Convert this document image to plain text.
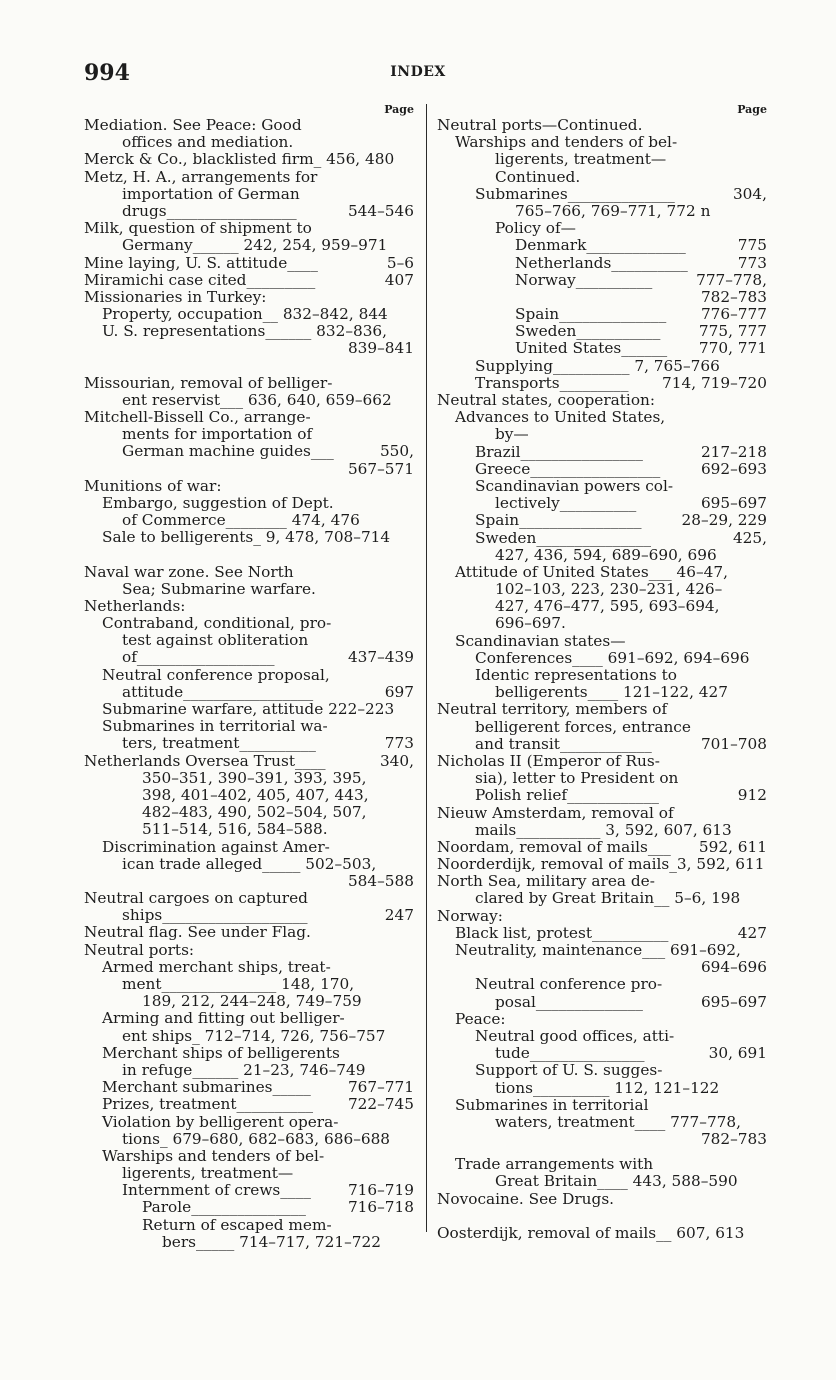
994	INDEX
Page
Mediation. See Peace: Good
offices and mediation.
Merck & Co., blacklisted firm_ 456, 480
Metz, H. A., arrangements for
importation of German
drugs_________________	544–546
Milk, question of shipment to
Germany______ 242, 254, 959–971
Mine laying, U. S. attitude____	5–6
Miramichi case cited_________	407
Missionaries in Turkey:
Property, occupation__ 832–842, 844
U. S. representations______ 832–836,
839–841
Missourian, removal of belliger-
ent reservist___ 636, 640, 659–662
Mitchell-Bissell Co., arrange-
ments for importation of
German machine guides___	550,
567–571
Munitions of war:
Embargo, suggestion of Dept.
of Commerce________ 474, 476
Sale to belligerents_ 9, 478, 708–714
Naval war zone. See North
Sea; Submarine warfare.
Netherlands:
Contraband, conditional, pro-
test against obliteration
of__________________	437–439
Neutral conference proposal,
attitude_________________	697
Submarine warfare, attitude 222–223
Submarines in territorial wa-
ters, treatment__________	773
Netherlands Oversea Trust____	340,
350–351, 390–391, 393, 395,
398, 401–402, 405, 407, 443,
482–483, 490, 502–504, 507,
511–514, 516, 584–588.
Discrimination against Amer-
ican trade alleged_____ 502–503,
584–588
Neutral cargoes on captured
ships___________________	247
Neutral flag. See under Flag.
Neutral ports:
Armed merchant ships, treat-
ment_______________ 148, 170,
189, 212, 244–248, 749–759
Arming and fitting out belliger-
ent ships_ 712–714, 726, 756–757
Merchant ships of belligerents
in refuge______ 21–23, 746–749
Merchant submarines_____ 767–771
Prizes, treatment__________ 722–745
Violation by belligerent opera-
tions_ 679–680, 682–683, 686–688
Warships and tenders of bel-
ligerents, treatment—
Internment of crews____ 716–719
Parole_______________	716–718
Return of escaped mem-
bers_____ 714–717, 721–722
Page
Neutral ports—Continued.
Warships and tenders of bel-
ligerents, treatment—
Continued.
Submarines______________	304,
765–766, 769–771, 772 n
Policy of—
Denmark_____________	775
Netherlands__________	773
Norway__________	777–778,
782–783
Spain______________ 776–777
Sweden___________	775, 777
United States______ 770, 771
Supplying__________ 7, 765–766
Transports_________ 714, 719–720
Neutral states, cooperation:
Advances to United States,
by—
Brazil________________	217–218
Greece_________________	692–693
Scandinavian powers col-
lectively__________	695–697
Spain________________	28–29, 229
Sweden_______________	425,
427, 436, 594, 689–690, 696
Attitude of United States___ 46–47,
102–103, 223, 230–231, 426–
427, 476–477, 595, 693–694,
696–697.
Scandinavian states—
Conferences____ 691–692, 694–696
Identic representations to
belligerents____ 121–122, 427
Neutral territory, members of
belligerent forces, entrance
and transit____________	701–708
Nicholas II (Emperor of Rus-
sia), letter to President on
Polish relief____________	912
Nieuw Amsterdam, removal of
mails___________ 3, 592, 607, 613
Noordam, removal of mails___ 592, 611
Noorderdijk, removal of mails_3, 592, 611
North Sea, military area de-
clared by Great Britain__ 5–6, 198
Norway:
Black list, protest__________	427
Neutrality, maintenance___ 691–692,
694–696
Neutral conference pro-
posal______________	695–697
Peace:
Neutral good offices, atti-
tude_______________	30, 691
Support of U. S. sugges-
tions__________ 112, 121–122
Submarines in territorial
waters, treatment____ 777–778,
782–783
Trade arrangements with
Great Britain____ 443, 588–590
Novocaine. See Drugs.
Oosterdijk, removal of mails__ 607, 613
